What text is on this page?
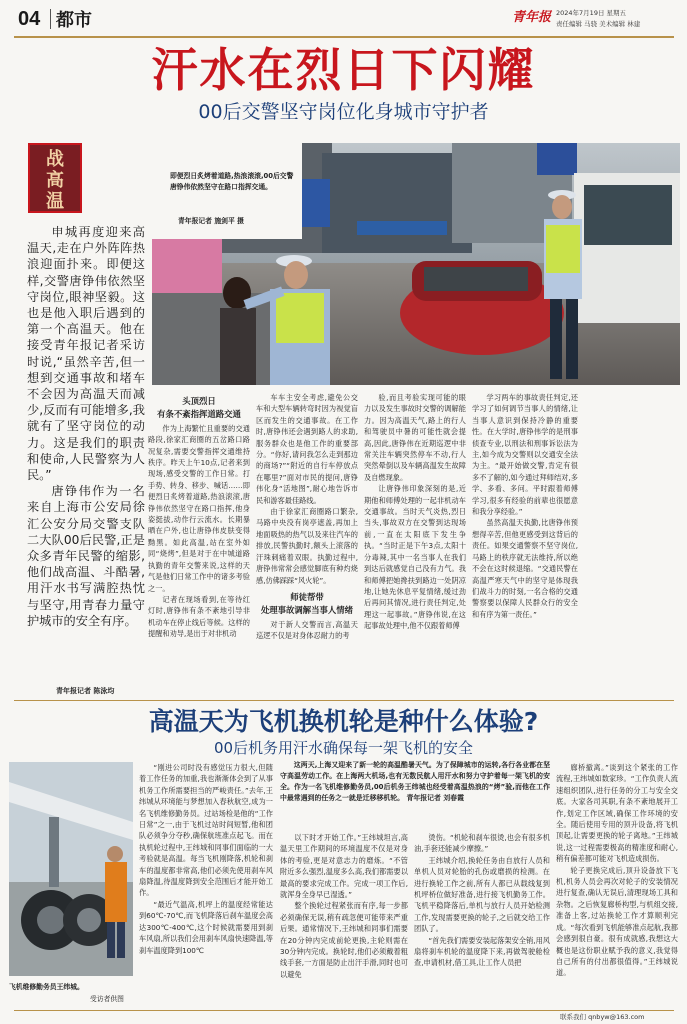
04 都市	青年报 2024年7月19日 星期五
责任编辑 马骁 美术编辑 林建
汗水在烈日下闪耀
00后交警坚守岗位化身城市守护者
即便烈日炙烤着道路,热浪滚滚,00后交警唐铮伟依然坚守在路口指挥交通。
青年报记者 施剑平 摄
战高温

申城再度迎来高温天,走在户外阵阵热浪迎面扑来。即便这样,交警唐铮伟依然坚守岗位,眼神坚毅。这也是他入职后遇到的第一个高温天。他在接受青年报记者采访时说,“虽然辛苦,但一想到交通事故和堵车不会因为高温天而减少,反而有可能增多,我就有了坚守岗位的动力。这是我们的职责和使命,人民警察为人民。”

唐铮伟作为一名来自上海市公安局徐汇公安分局交警支队二大队00后民警,正是众多青年民警的缩影,他们战高温、斗酷暑,用汗水书写满腔热忱与坚守,用青春力量守护城市的安全有序。

青年报记者 陈泳均
头顶烈日
有条不紊指挥道路交通

作为上海繁忙且重要的交通路段,徐家汇商圈的五岔路口路况复杂,需要交警指挥交通维持秩序。昨天上午10点,记者来到现场,感受交警的工作日常。打手势、转身、移步、喊话……即便烈日炙烤着道路,热浪滚滚,唐铮伟依然坚守在路口指挥,他身姿挺拔,动作行云流水。长期暴晒在户外,也让唐铮伟皮肤变得黝黑。如此高温,站在室外如同“烧烤”,但是对于在中城道路执勤的青年交警来说,这样的天气是他们日常工作中的诸多考验之一。

记者在现场看到,在等待红灯时,唐铮伟有条不紊地引导非机动车在停止线后等候。这样的提醒和劝导,是出于对非机动

车车主安全考虑,避免公交车和大型车辆转弯时因为视觉盲区而发生的交通事故。在工作时,唐铮伟还会遇到路人的求助,服务群众也是他工作的重要部分。“你好,请问我怎么走到那边的商场?”“附近的自行车停放点在哪里?”面对市民的提问,唐铮伟化身“活地图”,耐心地告诉市民和游客最佳路线。

由于徐家汇商圈路口繁杂,马路中央没有岗亭遮盖,再加上地面吸热的热气以及来往汽车的排放,民警执勤时,额头上滚落的汗珠刺痛着双眼。执勤过程中,唐铮伟常常会感觉脚底有种灼烧感,仿佛踩踩“风火轮”。

师徒帮带
处理事故调解当事人情绪

对于新人交警而言,高温天巡逻不仅是对身体忍耐力的考

验,而且考验实现可能的眼力以及发生事故时交警的调解能力。因为高温天气,路上的行人和驾驶员中暑的可能性就会提高,因此,唐铮伟在近期巡逻中非常关注车辆突然停车不动,行人突然晕倒以及车辆高温发生故障及自燃现象。

让唐铮伟印象深刻的是,近期他和师傅处理的一起非机动车交通事故。当时天气炎热,烈日当头,事故双方在交警到达现场前,一直在太阳底下发生争执。“当时正是下午3点,太阳十分毒辣,其中一名当事人在我们到达后就感觉自己没有力气。我和师傅把她搀扶到路边一处阴凉地,让她先休息平复情绪,缓过劲后再问其情况,进行责任判定,处理这一起事故。”唐铮伟说,在这起事故处理中,他不仅跟着师傅

学习两车的事故责任判定,还学习了如何调节当事人的情绪,让当事人意识到保持冷静的重要性。在大学时,唐铮伟学的是刑事侦查专业,以刑法和刑事诉讼法为主,如今成为交警则以交通安全法为主。“最开始做交警,肯定有很多不了解的,如今通过拜师结对,多学、多看、多问。平时跟着师傅学习,很多有经验的前辈也很愿意和我分享经验。”

虽然高温天执勤,比唐铮伟预想得辛苦,但他更感受到这背后的责任。如果交通警察不坚守岗位,马路上的秩序就无法维持,所以绝不会在这时候退缩。“交通民警在高温严寒天气中的坚守是体现我们战斗力的时刻,一名合格的交通警察要以保障人民群众行的安全和有序为第一责任。”

高温天为飞机换机轮是种什么体验?
00后机务用汗水确保每一架飞机的安全
飞机维修勤务员王纬城。
受访者供图

“刚进公司时没有感觉压力很大,但随着工作任务的加重,我也渐渐体会到了从事机务工作所需要担当的严峻责任。”去年,王纬城从环境能与梦想加入春秋航空,成为一名飞机维修勤务员。过站场检是他的“工作日常”之一,由于飞机过站时间短暂,他和团队必须争分夺秒,确保航班准点起飞。而在执机轮过程中,王纬城和同事们面临的一大考验就是高温。每当飞机刚降落,机轮和刹车的温度都非常高,他们必须先使用刹车风扇降温,待温度降到安全范围后才能开始工作。

“最近气温高,机坪上的温度经常能达到60℃-70℃,而飞机降落后刹车温度会高达300℃-400℃,这个时候就需要用到刹车风扇,所以我们会用刹车风扇快速降温,等刹车温度降到100℃

这两天,上海又迎来了新一轮的高温酷暑天气。为了保障城市的运转,各行各业都在坚守高温劳动工作。在上海两大机场,也有无数民航人用汗水和努力守护着每一架飞机的安全。作为一名飞机维修勤务员,00后机务王纬城也经受着高温热浪的“烤”验,而他在工作中最常遇到的任务之一就是迁移移机轮。 青年报记者 刘春霞

以下时才开始工作。”王纬城坦言,高温天里工作期间的环境温度不仅是对身体的考验,更是对意志力的磨炼。“不管附近多么强烈,温度多么高,我们都需要以最高的要求完成工作。完成一项工作后,就浑身全身早已湿透。”

整个换轮过程紧张而有序,每一步都必须确保无误,稍有疏忽便可能带来严重后果。通常情况下,王纬城和同事们需要在20分钟内完成前轮更换,主轮则需在30分钟内完成。换轮时,他们必须戴着粗线手套,一方面是防止出汗手滑,同时也可以避免

烫伤。“机轮和刹车很烫,也会有很多机油,手套还能减少摩擦。”

王纬城介绍,换轮任务由自放行人员和单机人员对轮胎的孔伤或磨损的检测。在进行换轮工作之前,所有人都已从载线复到机坪桥位做好准备,进行接飞机勤务工作。飞机平稳降落后,单机与放行人员开始检测工作,发现需要更换的轮子,之后就交给工作团队了。

“首先我们需要安装起落架安全销,用风扇将刹车机轮的温度降下来,再做驾驶舱检查,申请机材,借工具,让工作人员把

廊桥撤离。”谈到这个紧张的工作流程,王纬城如数家珍。“工作负责人流速组织团队,进行任务的分工与安全交底。大家各司其职,有条不紊地展开工作,划定工作区域,确保工作环境的安全。随后使用专用的顶升设备,将飞机顶起,让需要更换的轮子离地。”王纬城说,这一过程需要极高的精准度和耐心,稍有偏差都可能对飞机造成损伤。

轮子更换完成后,顶升设备放下飞机,机务人员会再次对轮子的安装情况进行复查,确认无误后,清理现场工具和杂物。之后恢复廊桥构型,与机组交接,准备上客,过站换轮工作才算顺利完成。“每次看到飞机能够准点起航,我都会感到很自豪。很有成就感,我想这大概也是这份职业赋予我的意义,我觉得自己所有的付出都很值得。”王纬城说道。

联系我们 qnbyw@163.com
